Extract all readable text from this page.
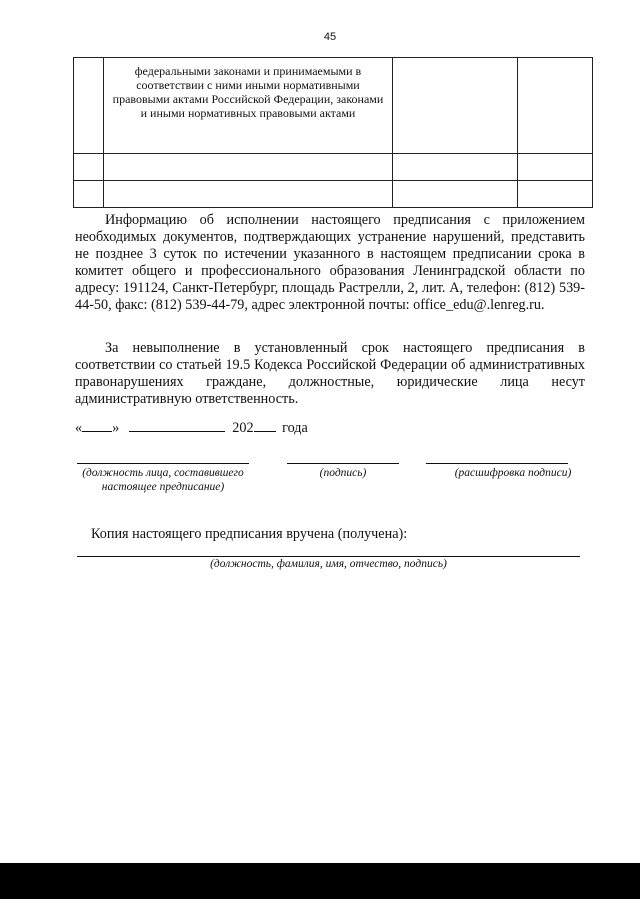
45
	федеральными законами и принимаемыми в соответствии с ними иными нормативными правовыми актами Российской Федерации, законами и иными нормативных правовыми актами		

Информацию об исполнении настоящего предписания с приложением необходимых документов, подтверждающих устранение нарушений, представить не позднее 3 суток по истечении указанного в настоящем предписании срока в комитет общего и профессионального образования Ленинградской области по адресу: 191124, Санкт-Петербург, площадь Растрелли, 2, лит. А, телефон: (812) 539-44-50, факс: (812) 539-44-79, адрес электронной почты: office_edu@.lenreg.ru.

За невыполнение в установленный срок настоящего предписания в соответствии со статьей 19.5 Кодекса Российской Федерации об административных правонарушениях граждане, должностные, юридические лица несут административную ответственность.

« »	202 года
(должность лица, составившего настоящее предписание)
(подпись)	(расшифровка подписи)
Копия настоящего предписания вручена (получена):
(должность, фамилия, имя, отчество, подпись)
